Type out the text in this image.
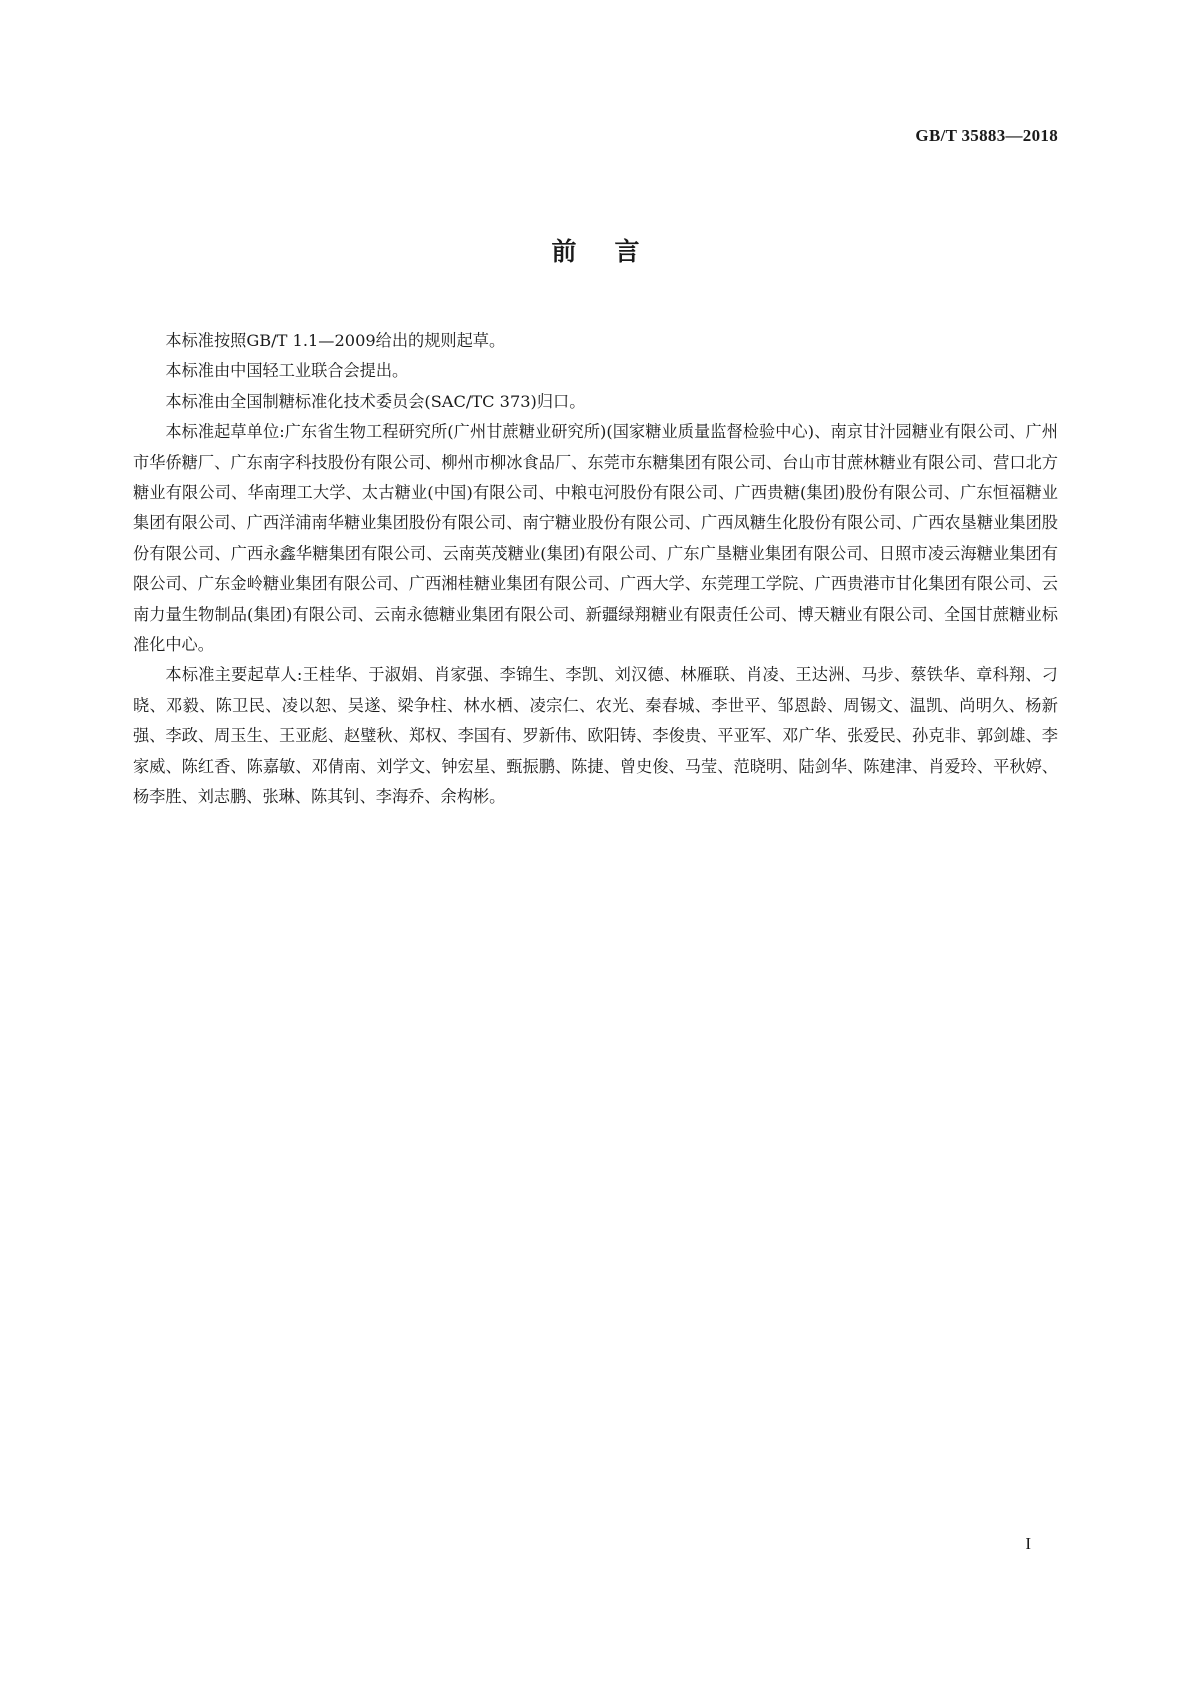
GB/T 35883—2018
前言

本标准按照GB/T 1.1—2009给出的规则起草。

本标准由中国轻工业联合会提出。

本标准由全国制糖标准化技术委员会(SAC/TC 373)归口。

本标准起草单位:广东省生物工程研究所(广州甘蔗糖业研究所)(国家糖业质量监督检验中心)、南京甘汁园糖业有限公司、广州市华侨糖厂、广东南字科技股份有限公司、柳州市柳冰食品厂、东莞市东糖集团有限公司、台山市甘蔗林糖业有限公司、营口北方糖业有限公司、华南理工大学、太古糖业(中国)有限公司、中粮屯河股份有限公司、广西贵糖(集团)股份有限公司、广东恒福糖业集团有限公司、广西洋浦南华糖业集团股份有限公司、南宁糖业股份有限公司、广西凤糖生化股份有限公司、广西农垦糖业集团股份有限公司、广西永鑫华糖集团有限公司、云南英茂糖业(集团)有限公司、广东广垦糖业集团有限公司、日照市凌云海糖业集团有限公司、广东金岭糖业集团有限公司、广西湘桂糖业集团有限公司、广西大学、东莞理工学院、广西贵港市甘化集团有限公司、云南力量生物制品(集团)有限公司、云南永德糖业集团有限公司、新疆绿翔糖业有限责任公司、博天糖业有限公司、全国甘蔗糖业标准化中心。

本标准主要起草人:王桂华、于淑娟、肖家强、李锦生、李凯、刘汉德、林雁联、肖凌、王达洲、马步、蔡铁华、章科翔、刁晓、邓毅、陈卫民、凌以恕、吴遂、梁争柱、林水栖、凌宗仁、农光、秦春城、李世平、邹恩龄、周锡文、温凯、尚明久、杨新强、李政、周玉生、王亚彪、赵璧秋、郑权、李国有、罗新伟、欧阳铸、李俊贵、平亚军、邓广华、张爱民、孙克非、郭剑雄、李家威、陈红香、陈嘉敏、邓倩南、刘学文、钟宏星、甄振鹏、陈捷、曾史俊、马莹、范晓明、陆剑华、陈建津、肖爱玲、平秋婷、杨李胜、刘志鹏、张琳、陈其钊、李海乔、余构彬。

I
